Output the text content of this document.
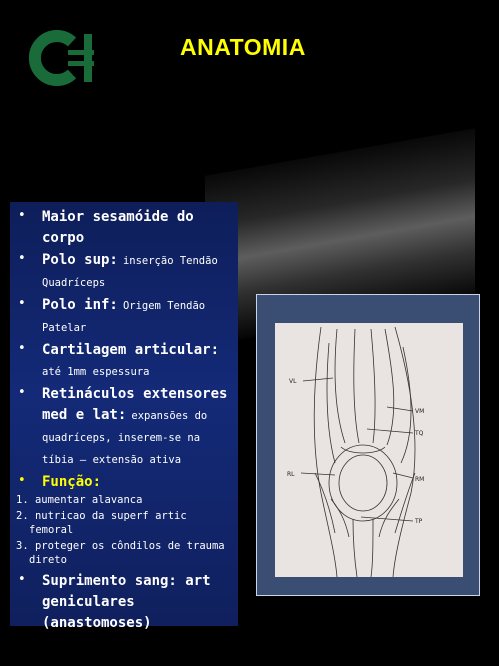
ANATOMIA
• Maior sesamóide do corpo
• Polo sup: inserção Tendão Quadríceps
• Polo inf: Origem Tendão Patelar
• Cartilagem articular: até 1mm espessura
• Retináculos extensores med e lat: expansões do quadríceps, inserem-se na tíbia – extensão ativa
• Função:
1. aumentar alavanca
2. nutricao da superf artic femoral
3. proteger os côndilos de trauma direto
• Suprimento sang: art geniculares (anastomoses)
VL
VM
TQ
RL
RM
TP
